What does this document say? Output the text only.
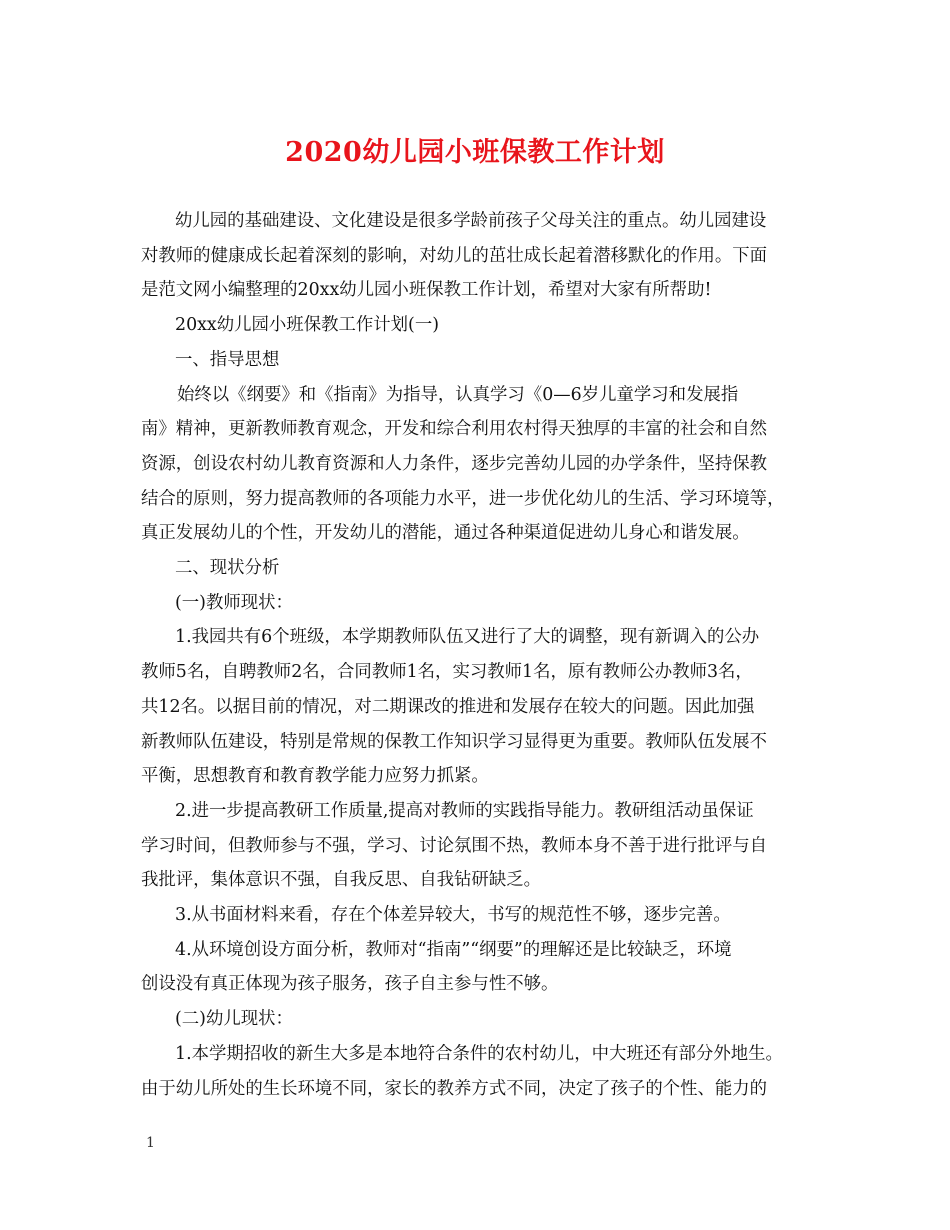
2020幼儿园小班保教工作计划

幼儿园的基础建设、文化建设是很多学龄前孩子父母关注的重点。幼儿园建设

对教师的健康成长起着深刻的影响，对幼儿的茁壮成长起着潜移默化的作用。下面

是范文网小编整理的20xx幼儿园小班保教工作计划，希望对大家有所帮助!

20xx幼儿园小班保教工作计划(一)

一、指导思想

始终以《纲要》和《指南》为指导，认真学习《0—6岁儿童学习和发展指

南》精神，更新教师教育观念，开发和综合利用农村得天独厚的丰富的社会和自然

资源，创设农村幼儿教育资源和人力条件，逐步完善幼儿园的办学条件，坚持保教

结合的原则，努力提高教师的各项能力水平，进一步优化幼儿的生活、学习环境等，

真正发展幼儿的个性，开发幼儿的潜能，通过各种渠道促进幼儿身心和谐发展。

二、现状分析

(一)教师现状：

1.我园共有6个班级，本学期教师队伍又进行了大的调整，现有新调入的公办

教师5名，自聘教师2名，合同教师1名，实习教师1名，原有教师公办教师3名，

共12名。以据目前的情况，对二期课改的推进和发展存在较大的问题。因此加强

新教师队伍建设，特别是常规的保教工作知识学习显得更为重要。教师队伍发展不

平衡，思想教育和教育教学能力应努力抓紧。

2.进一步提高教研工作质量,提高对教师的实践指导能力。教研组活动虽保证

学习时间，但教师参与不强，学习、讨论氛围不热，教师本身不善于进行批评与自

我批评，集体意识不强，自我反思、自我钻研缺乏。

3.从书面材料来看，存在个体差异较大，书写的规范性不够，逐步完善。

4.从环境创设方面分析，教师对“指南”“纲要”的理解还是比较缺乏，环境

创设没有真正体现为孩子服务，孩子自主参与性不够。

(二)幼儿现状：

1.本学期招收的新生大多是本地符合条件的农村幼儿，中大班还有部分外地生。

由于幼儿所处的生长环境不同，家长的教养方式不同，决定了孩子的个性、能力的

1
